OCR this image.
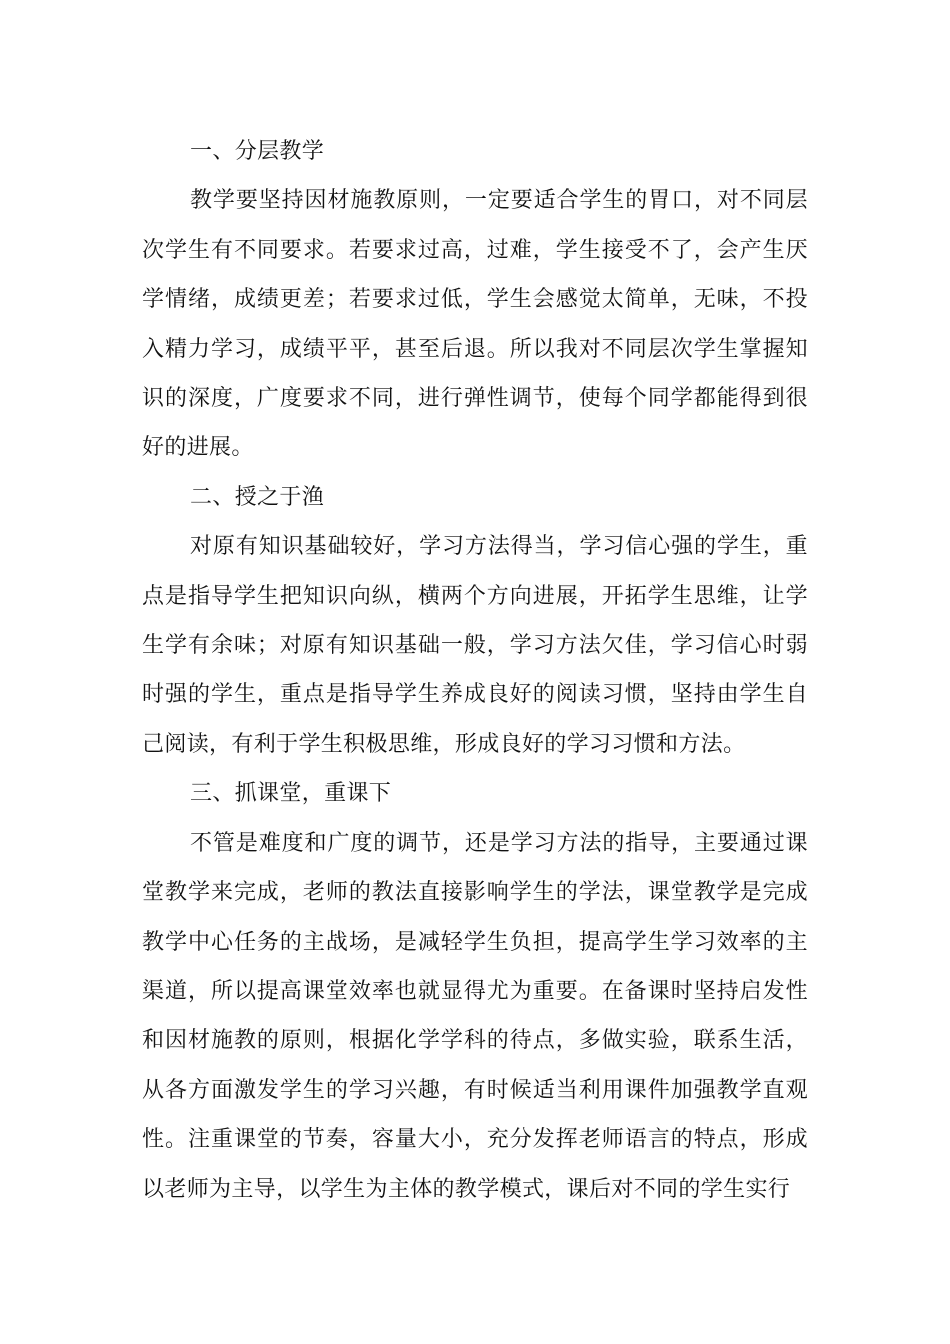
一、分层教学

教学要坚持因材施教原则，一定要适合学生的胃口，对不同层次学生有不同要求。若要求过高，过难，学生接受不了，会产生厌学情绪，成绩更差；若要求过低，学生会感觉太简单，无味，不投入精力学习，成绩平平，甚至后退。所以我对不同层次学生掌握知识的深度，广度要求不同，进行弹性调节，使每个同学都能得到很好的进展。

二、授之于渔

对原有知识基础较好，学习方法得当，学习信心强的学生，重点是指导学生把知识向纵，横两个方向进展，开拓学生思维，让学生学有余味；对原有知识基础一般，学习方法欠佳，学习信心时弱时强的学生，重点是指导学生养成良好的阅读习惯，坚持由学生自己阅读，有利于学生积极思维，形成良好的学习习惯和方法。

三、抓课堂，重课下

不管是难度和广度的调节，还是学习方法的指导，主要通过课堂教学来完成，老师的教法直接影响学生的学法，课堂教学是完成教学中心任务的主战场，是减轻学生负担，提高学生学习效率的主渠道，所以提高课堂效率也就显得尤为重要。在备课时坚持启发性和因材施教的原则，根据化学学科的待点，多做实验，联系生活，从各方面激发学生的学习兴趣，有时候适当利用课件加强教学直观性。注重课堂的节奏，容量大小，充分发挥老师语言的特点，形成以老师为主导，以学生为主体的教学模式，课后对不同的学生实行
